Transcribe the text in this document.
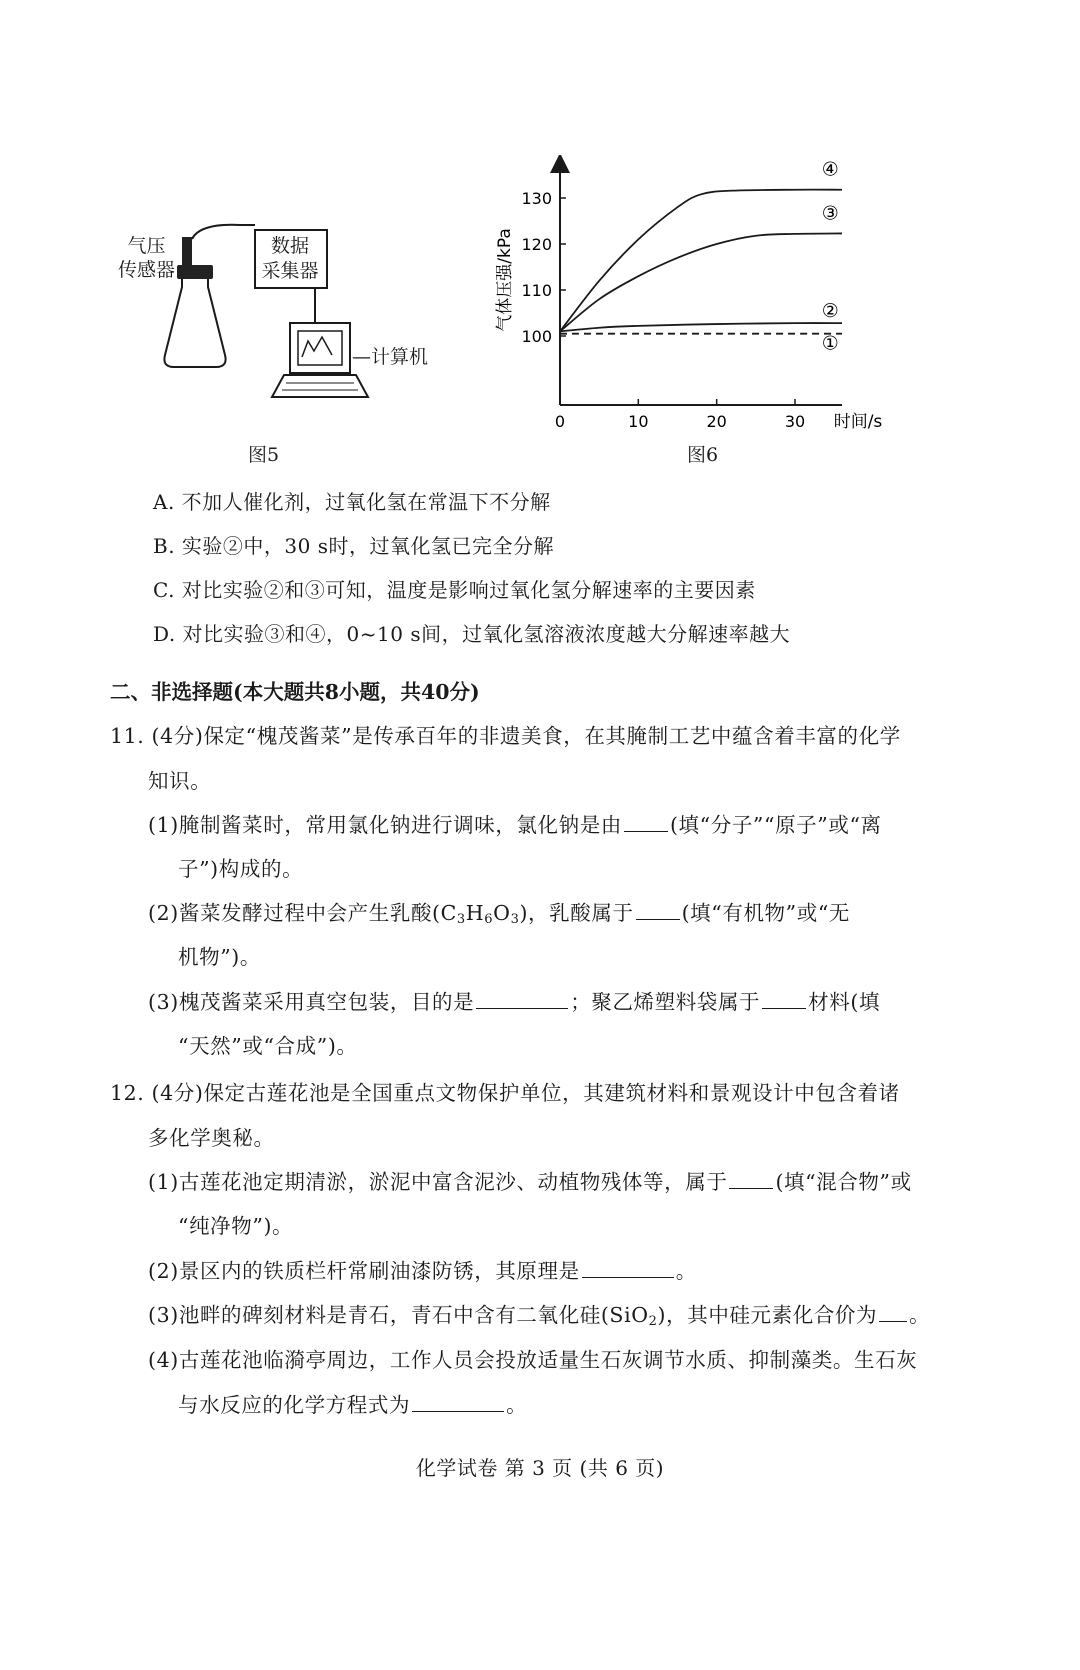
气压
传感器
数据
采集器
—计算机
图5
气体压强/kPa
时间/s
100
110
120
130
0	10	20	30
①
②
③
④
图6
A. 不加人催化剂，过氧化氢在常温下不分解
B. 实验②中，30 s时，过氧化氢已完全分解
C. 对比实验②和③可知，温度是影响过氧化氢分解速率的主要因素
D. 对比实验③和④，0~10 s间，过氧化氢溶液浓度越大分解速率越大
二、非选择题(本大题共8小题，共40分)
11. (4分)保定“槐茂酱菜”是传承百年的非遗美食，在其腌制工艺中蕴含着丰富的化学
知识。
(1)腌制酱菜时，常用氯化钠进行调味，氯化钠是由 (填“分子”“原子”或“离
子”)构成的。
(2)酱菜发酵过程中会产生乳酸$(C_3H_6O_3)$，乳酸属于 (填“有机物”或“无
机物”)。
(3)槐茂酱菜采用真空包装，目的是	；聚乙烯塑料袋属于 材料(填
“天然”或“合成”)。
12. (4分)保定古莲花池是全国重点文物保护单位，其建筑材料和景观设计中包含着诸
多化学奥秘。
(1)古莲花池定期清淤，淤泥中富含泥沙、动植物残体等，属于 (填“混合物”或
“纯净物”)。
(2)景区内的铁质栏杆常刷油漆防锈，其原理是	。
(3)池畔的碑刻材料是青石，青石中含有二氧化硅(SiO$_2$)，其中硅元素化合价为 。
(4)古莲花池临漪亭周边，工作人员会投放适量生石灰调节水质、抑制藻类。生石灰
与水反应的化学方程式为	。
化学试卷 第 3 页 (共 6 页)
